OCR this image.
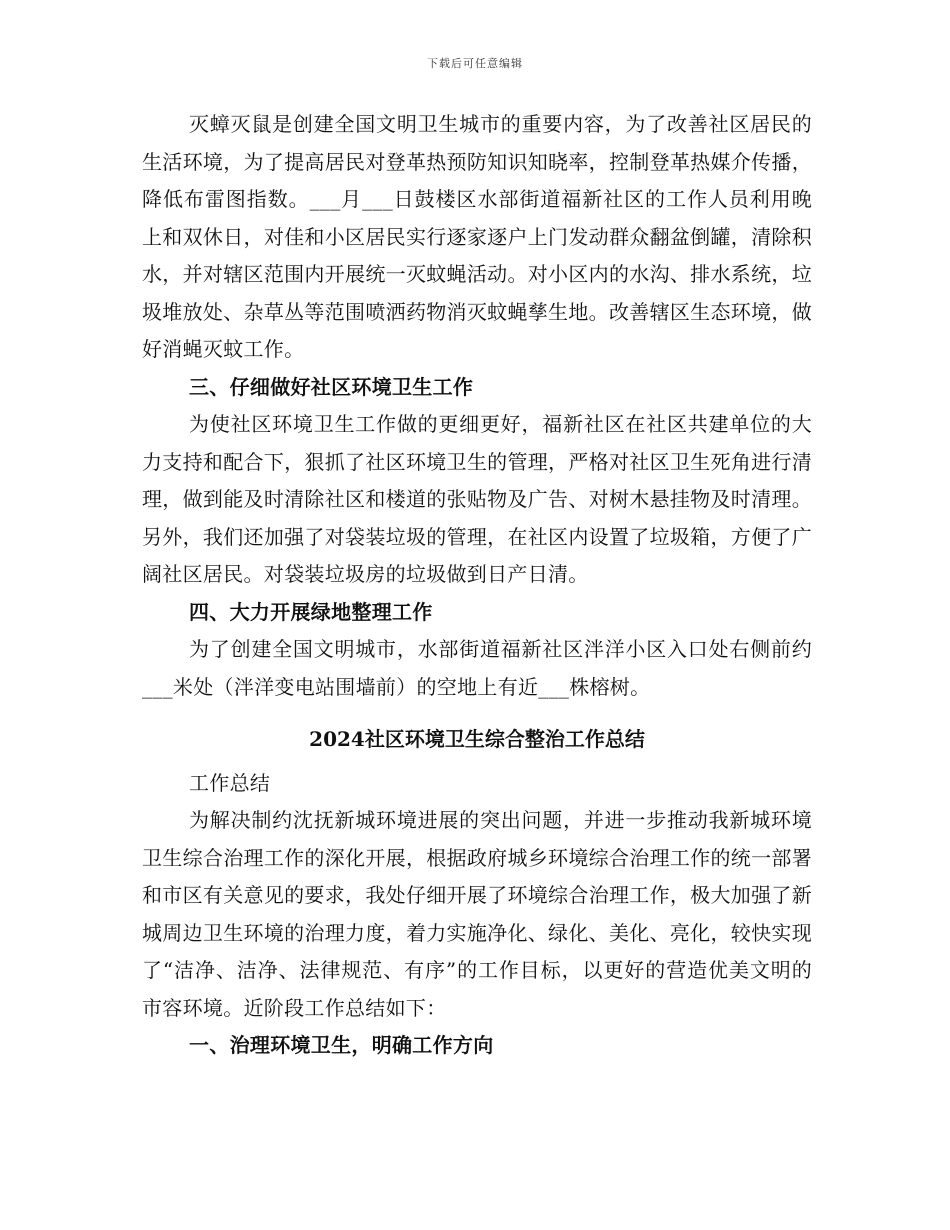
下载后可任意编辑

灭蟑灭鼠是创建全国文明卫生城市的重要内容，为了改善社区居民的生活环境，为了提高居民对登革热预防知识知晓率，控制登革热媒介传播，降低布雷图指数。___月___日鼓楼区水部街道福新社区的工作人员利用晚上和双休日，对佳和小区居民实行逐家逐户上门发动群众翻盆倒罐，清除积水，并对辖区范围内开展统一灭蚊蝇活动。对小区内的水沟、排水系统，垃圾堆放处、杂草丛等范围喷洒药物消灭蚊蝇孳生地。改善辖区生态环境，做好消蝇灭蚊工作。

三、仔细做好社区环境卫生工作

为使社区环境卫生工作做的更细更好，福新社区在社区共建单位的大力支持和配合下，狠抓了社区环境卫生的管理，严格对社区卫生死角进行清理，做到能及时清除社区和楼道的张贴物及广告、对树木悬挂物及时清理。另外，我们还加强了对袋装垃圾的管理，在社区内设置了垃圾箱，方便了广阔社区居民。对袋装垃圾房的垃圾做到日产日清。

四、大力开展绿地整理工作

为了创建全国文明城市，水部街道福新社区泮洋小区入口处右侧前约___米处（泮洋变电站围墙前）的空地上有近___株榕树。

2024社区环境卫生综合整治工作总结

工作总结

为解决制约沈抚新城环境进展的突出问题，并进一步推动我新城环境卫生综合治理工作的深化开展，根据政府城乡环境综合治理工作的统一部署和市区有关意见的要求，我处仔细开展了环境综合治理工作，极大加强了新城周边卫生环境的治理力度，着力实施净化、绿化、美化、亮化，较快实现了“洁净、洁净、法律规范、有序”的工作目标，以更好的营造优美文明的市容环境。近阶段工作总结如下：

一、治理环境卫生，明确工作方向
